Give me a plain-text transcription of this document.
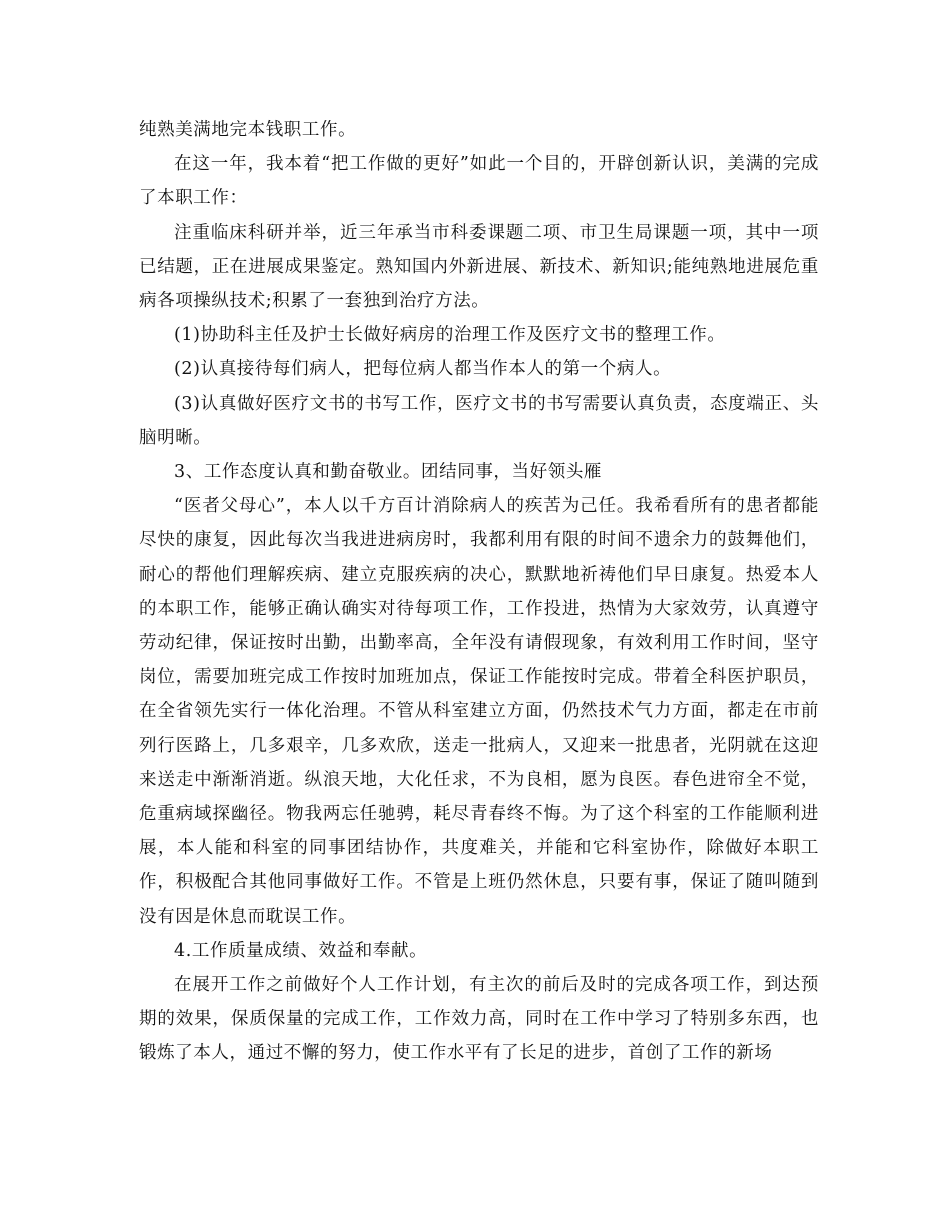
纯熟美满地完本钱职工作。

在这一年，我本着“把工作做的更好”如此一个目的，开辟创新认识，美满的完成了本职工作：

注重临床科研并举，近三年承当市科委课题二项、市卫生局课题一项，其中一项已结题，正在进展成果鉴定。熟知国内外新进展、新技术、新知识;能纯熟地进展危重病各项操纵技术;积累了一套独到治疗方法。

(1)协助科主任及护士长做好病房的治理工作及医疗文书的整理工作。

(2)认真接待每们病人，把每位病人都当作本人的第一个病人。

(3)认真做好医疗文书的书写工作，医疗文书的书写需要认真负责，态度端正、头脑明晰。

3、工作态度认真和勤奋敬业。团结同事，当好领头雁

“医者父母心”，本人以千方百计消除病人的疾苦为己任。我希看所有的患者都能尽快的康复，因此每次当我进进病房时，我都利用有限的时间不遗余力的鼓舞他们，耐心的帮他们理解疾病、建立克服疾病的决心，默默地祈祷他们早日康复。热爱本人的本职工作，能够正确认确实对待每项工作，工作投进，热情为大家效劳，认真遵守劳动纪律，保证按时出勤，出勤率高，全年没有请假现象，有效利用工作时间，坚守岗位，需要加班完成工作按时加班加点，保证工作能按时完成。带着全科医护职员，在全省领先实行一体化治理。不管从科室建立方面，仍然技术气力方面，都走在市前列行医路上，几多艰辛，几多欢欣，送走一批病人，又迎来一批患者，光阴就在这迎来送走中渐渐消逝。纵浪天地，大化任求，不为良相，愿为良医。春色进帘全不觉，危重病域探幽径。物我两忘任驰骋，耗尽青春终不悔。为了这个科室的工作能顺利进展，本人能和科室的同事团结协作，共度难关，并能和它科室协作，除做好本职工作，积极配合其他同事做好工作。不管是上班仍然休息，只要有事，保证了随叫随到没有因是休息而耽误工作。

4.工作质量成绩、效益和奉献。

在展开工作之前做好个人工作计划，有主次的前后及时的完成各项工作，到达预期的效果，保质保量的完成工作，工作效力高，同时在工作中学习了特别多东西，也锻炼了本人，通过不懈的努力，使工作水平有了长足的进步，首创了工作的新场
